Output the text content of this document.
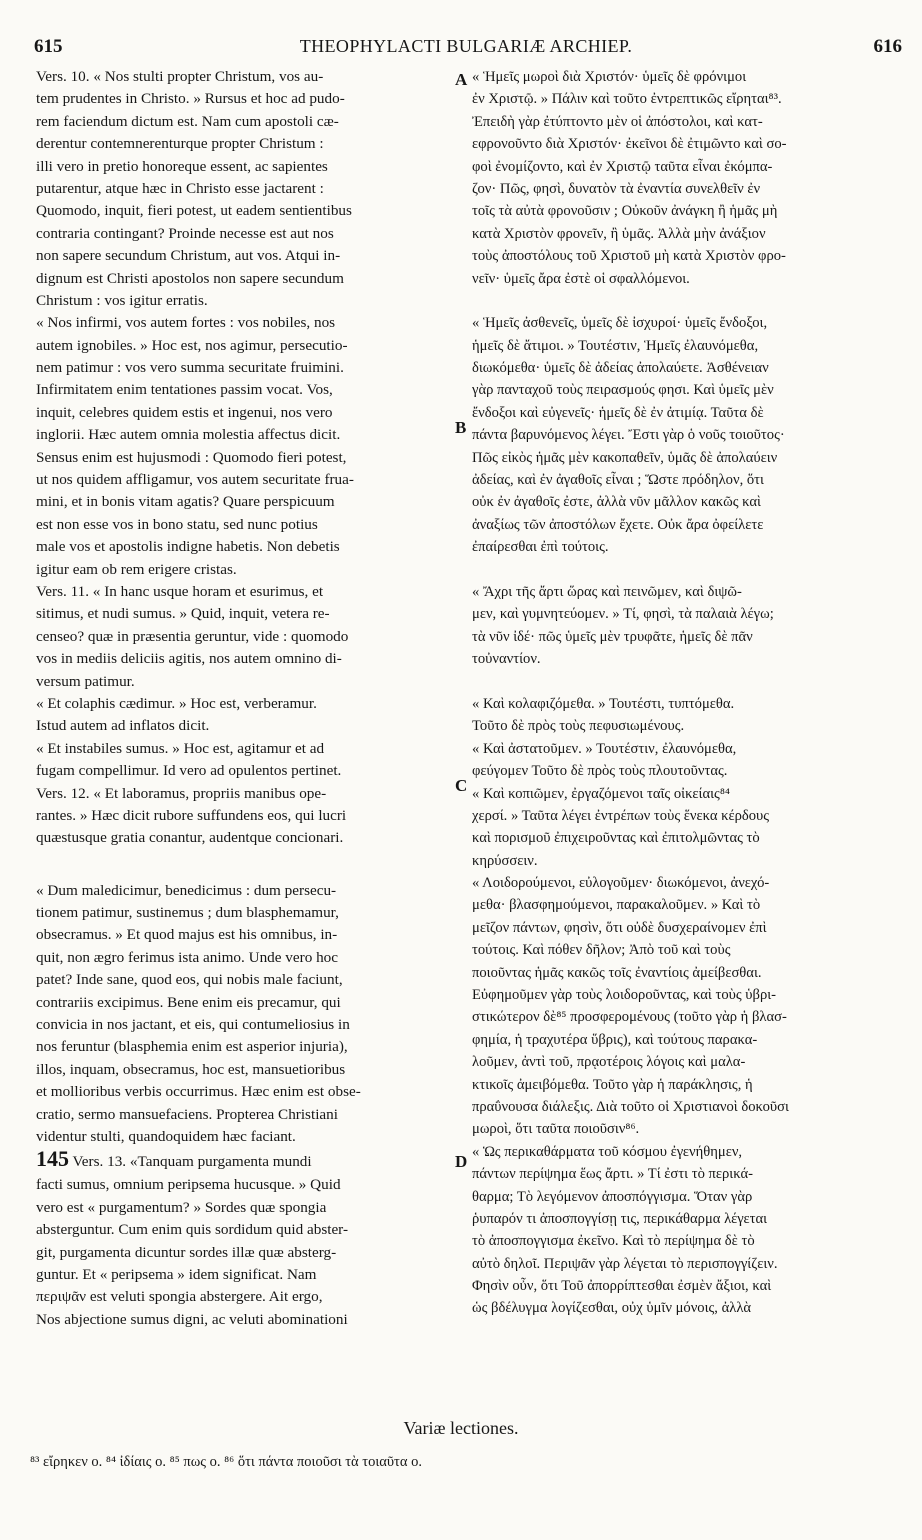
615	THEOPHYLACTI BULGARIÆ ARCHIEP.	616
A
B
C
D
Vers. 10. « Nos stulti propter Christum, vos au-
tem prudentes in Christo. » Rursus et hoc ad pudo-
rem faciendum dictum est. Nam cum apostoli cæ-
derentur contemnerenturque propter Christum :
illi vero in pretio honoreque essent, ac sapientes
putarentur, atque hæc in Christo esse jactarent :
Quomodo, inquit, fieri potest, ut eadem sentientibus
contraria contingant? Proinde necesse est aut nos
non sapere secundum Christum, aut vos. Atqui in-
dignum est Christi apostolos non sapere secundum
Christum : vos igitur erratis.
« Nos infirmi, vos autem fortes : vos nobiles, nos
autem ignobiles. » Hoc est, nos agimur, persecutio-
nem patimur : vos vero summa securitate fruimini.
Infirmitatem enim tentationes passim vocat. Vos,
inquit, celebres quidem estis et ingenui, nos vero
inglorii. Hæc autem omnia molestia affectus dicit.
Sensus enim est hujusmodi : Quomodo fieri potest,
ut nos quidem affligamur, vos autem securitate frua-
mini, et in bonis vitam agatis? Quare perspicuum
est non esse vos in bono statu, sed nunc potius
male vos et apostolis indigne habetis. Non debetis
igitur eam ob rem erigere cristas.
Vers. 11. « In hanc usque horam et esurimus, et
sitimus, et nudi sumus. » Quid, inquit, vetera re-
censeo? quæ in præsentia geruntur, vide : quomodo
vos in mediis deliciis agitis, nos autem omnino di-
versum patimur.
« Et colaphis cædimur. » Hoc est, verberamur.
Istud autem ad inflatos dicit.
« Et instabiles sumus. » Hoc est, agitamur et ad
fugam compellimur. Id vero ad opulentos pertinet.
Vers. 12. « Et laboramus, propriis manibus ope-
rantes. » Hæc dicit rubore suffundens eos, qui lucri
quæstusque gratia conantur, audentque concionari.
« Dum maledicimur, benedicimus : dum persecu-
tionem patimur, sustinemus ; dum blasphemamur,
obsecramus. » Et quod majus est his omnibus, in-
quit, non ægro ferimus ista animo. Unde vero hoc
patet? Inde sane, quod eos, qui nobis male faciunt,
contrariis excipimus. Bene enim eis precamur, qui
convicia in nos jactant, et eis, qui contumeliosius in
nos feruntur (blasphemia enim est asperior injuria),
illos, inquam, obsecramus, hoc est, mansuetioribus
et mollioribus verbis occurrimus. Hæc enim est obse-
cratio, sermo mansuefaciens. Propterea Christiani
videntur stulti, quandoquidem hæc faciant.
145 Vers. 13. «Tanquam purgamenta mundi
facti sumus, omnium peripsema hucusque. » Quid
vero est « purgamentum? » Sordes quæ spongia
absterguntur. Cum enim quis sordidum quid abster-
git, purgamenta dicuntur sordes illæ quæ absterg-
guntur. Et « peripsema » idem significat. Nam
περιψᾶν est veluti spongia abstergere. Ait ergo,
Nos abjectione sumus digni, ac veluti abominationi
« Ἡμεῖς μωροὶ διὰ Χριστόν· ὑμεῖς δὲ φρόνιμοι
ἐν Χριστῷ. » Πάλιν καὶ τοῦτο ἐντρεπτικῶς εἴρηται⁸³.
Ἐπειδὴ γὰρ ἐτύπτοντο μὲν οἱ ἀπόστολοι, καὶ κατ-
εφρονοῦντο διὰ Χριστόν· ἐκεῖνοι δὲ ἐτιμῶντο καὶ σο-
φοὶ ἐνομίζοντο, καὶ ἐν Χριστῷ ταῦτα εἶναι ἐκόμπα-
ζον· Πῶς, φησὶ, δυνατὸν τὰ ἐναντία συνελθεῖν ἐν
τοῖς τὰ αὐτὰ φρονοῦσιν ; Οὐκοῦν ἀνάγκη ἢ ἡμᾶς μὴ
κατὰ Χριστὸν φρονεῖν, ἢ ὑμᾶς. Ἀλλὰ μὴν ἀνάξιον
τοὺς ἀποστόλους τοῦ Χριστοῦ μὴ κατὰ Χριστὸν φρο-
νεῖν· ὑμεῖς ἄρα ἐστὲ οἱ σφαλλόμενοι.
« Ἡμεῖς ἀσθενεῖς, ὑμεῖς δὲ ἰσχυροί· ὑμεῖς ἔνδοξοι,
ἡμεῖς δὲ ἄτιμοι. » Τουτέστιν, Ἡμεῖς ἐλαυνόμεθα,
διωκόμεθα· ὑμεῖς δὲ ἀδείας ἀπολαύετε. Ἀσθένειαν
γὰρ πανταχοῦ τοὺς πειρασμούς φησι. Καὶ ὑμεῖς μὲν
ἔνδοξοι καὶ εὐγενεῖς· ἡμεῖς δὲ ἐν ἀτιμίᾳ. Ταῦτα δὲ
πάντα βαρυνόμενος λέγει. Ἔστι γὰρ ὁ νοῦς τοιοῦτος·
Πῶς εἰκὸς ἡμᾶς μὲν κακοπαθεῖν, ὑμᾶς δὲ ἀπολαύειν
ἀδείας, καὶ ἐν ἀγαθοῖς εἶναι ; Ὥστε πρόδηλον, ὅτι
οὐκ ἐν ἀγαθοῖς ἐστε, ἀλλὰ νῦν μᾶλλον κακῶς καὶ
ἀναξίως τῶν ἀποστόλων ἔχετε. Οὐκ ἄρα ὀφείλετε
ἐπαίρεσθαι ἐπὶ τούτοις.
« Ἄχρι τῆς ἄρτι ὥρας καὶ πεινῶμεν, καὶ διψῶ-
μεν, καὶ γυμνητεύομεν. » Τί, φησὶ, τὰ παλαιὰ λέγω;
τὰ νῦν ἰδέ· πῶς ὑμεῖς μὲν τρυφᾶτε, ἡμεῖς δὲ πᾶν
τοὐναντίον.
« Καὶ κολαφιζόμεθα. » Τουτέστι, τυπτόμεθα.
Τοῦτο δὲ πρὸς τοὺς πεφυσιωμένους.
« Καὶ ἀστατοῦμεν. » Τουτέστιν, ἐλαυνόμεθα,
φεύγομεν Τοῦτο δὲ πρὸς τοὺς πλουτοῦντας.
« Καὶ κοπιῶμεν, ἐργαζόμενοι ταῖς οἰκείαις⁸⁴
χερσί. » Ταῦτα λέγει ἐντρέπων τοὺς ἕνεκα κέρδους
καὶ πορισμοῦ ἐπιχειροῦντας καὶ ἐπιτολμῶντας τὸ
κηρύσσειν.
« Λοιδορούμενοι, εὐλογοῦμεν· διωκόμενοι, ἀνεχό-
μεθα· βλασφημούμενοι, παρακαλοῦμεν. » Καὶ τὸ
μεῖζον πάντων, φησὶν, ὅτι οὐδὲ δυσχεραίνομεν ἐπὶ
τούτοις. Καὶ πόθεν δῆλον; Ἀπὸ τοῦ καὶ τοὺς
ποιοῦντας ἡμᾶς κακῶς τοῖς ἐναντίοις ἀμείβεσθαι.
Εὐφημοῦμεν γὰρ τοὺς λοιδοροῦντας, καὶ τοὺς ὑβρι-
στικώτερον δὲ⁸⁵ προσφερομένους (τοῦτο γὰρ ἡ βλασ-
φημία, ἡ τραχυτέρα ὕβρις), καὶ τούτους παρακα-
λοῦμεν, ἀντὶ τοῦ, πρᾳοτέροις λόγοις καὶ μαλα-
κτικοῖς ἀμειβόμεθα. Τοῦτο γὰρ ἡ παράκλησις, ἡ
πραΰνουσα διάλεξις. Διὰ τοῦτο οἱ Χριστιανοὶ δοκοῦσι
μωροὶ, ὅτι ταῦτα ποιοῦσιν⁸⁶.
« Ὡς περικαθάρματα τοῦ κόσμου ἐγενήθημεν,
πάντων περίψημα ἕως ἄρτι. » Τί ἐστι τὸ περικά-
θαρμα; Τὸ λεγόμενον ἀποσπόγγισμα. Ὅταν γὰρ
ῥυπαρόν τι ἀποσπογγίσῃ τις, περικάθαρμα λέγεται
τὸ ἀποσπογγισμα ἐκεῖνο. Καὶ τὸ περίψημα δὲ τὸ
αὐτὸ δηλοῖ. Περιψᾶν γὰρ λέγεται τὸ περισπογγίζειν.
Φησὶν οὖν, ὅτι Τοῦ ἀπορρίπτεσθαι ἐσμὲν ἄξιοι, καὶ
ὡς βδέλυγμα λογίζεσθαι, οὐχ ὑμῖν μόνοις, ἀλλὰ
Variæ lectiones.
⁸³ εἴρηκεν ο. ⁸⁴ ἰδίαις ο. ⁸⁵ πως ο. ⁸⁶ ὅτι πάντα ποιοῦσι τὰ τοιαῦτα ο.
